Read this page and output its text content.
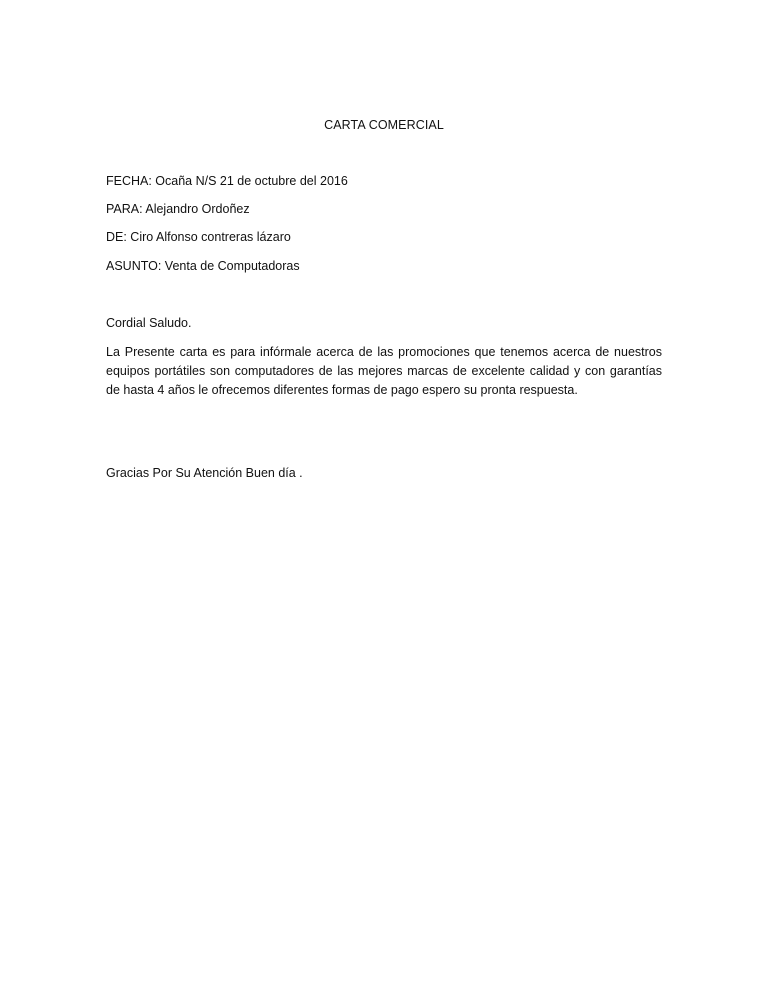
CARTA COMERCIAL
FECHA: Ocaña N/S 21 de octubre del 2016
PARA: Alejandro Ordoñez
DE: Ciro Alfonso contreras lázaro
ASUNTO: Venta de Computadoras
Cordial Saludo.
La Presente carta es para infórmale acerca de las promociones que tenemos acerca de nuestros equipos portátiles son computadores de las mejores marcas de excelente calidad y con garantías de hasta 4 años le ofrecemos diferentes formas de pago espero su pronta respuesta.
Gracias Por Su Atención Buen día .
